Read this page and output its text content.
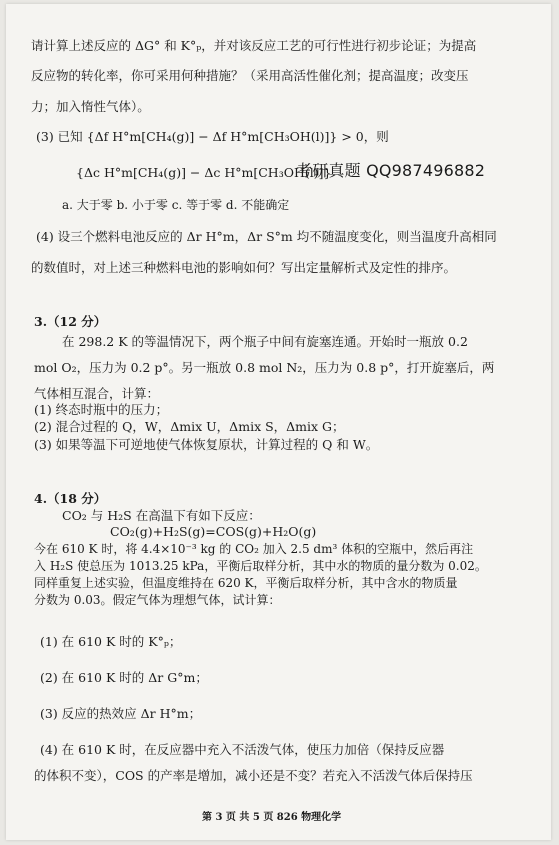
请计算上述反应的 ΔG° 和 K°ₚ，并对该反应工艺的可行性进行初步论证；为提高
反应物的转化率，你可采用何种措施？（采用高活性催化剂；提高温度；改变压
力；加入惰性气体）。
(3) 已知 {Δf H°m[CH₄(g)] − Δf H°m[CH₃OH(l)]} > 0，则
{Δc H°m[CH₄(g)] − Δc H°m[CH₃OH(l)]}
考研真题 QQ987496882
a. 大于零 b. 小于零 c. 等于零 d. 不能确定
(4) 设三个燃料电池反应的 Δr H°m，Δr S°m 均不随温度变化，则当温度升高相同
的数值时，对上述三种燃料电池的影响如何？写出定量解析式及定性的排序。
3.（12 分）
在 298.2 K 的等温情况下，两个瓶子中间有旋塞连通。开始时一瓶放 0.2
mol O₂，压力为 0.2 p°。另一瓶放 0.8 mol N₂，压力为 0.8 p°，打开旋塞后，两
气体相互混合，计算：
(1) 终态时瓶中的压力；
(2) 混合过程的 Q，W，Δmix U，Δmix S，Δmix G；
(3) 如果等温下可逆地使气体恢复原状，计算过程的 Q 和 W。
4.（18 分）
CO₂ 与 H₂S 在高温下有如下反应：
CO₂(g)+H₂S(g)=COS(g)+H₂O(g)
今在 610 K 时，将 4.4×10⁻³ kg 的 CO₂ 加入 2.5 dm³ 体积的空瓶中，然后再注
入 H₂S 使总压为 1013.25 kPa，平衡后取样分析，其中水的物质的量分数为 0.02。
同样重复上述实验，但温度维持在 620 K，平衡后取样分析，其中含水的物质量
分数为 0.03。假定气体为理想气体，试计算：
(1) 在 610 K 时的 K°ₚ；
(2) 在 610 K 时的 Δr G°m；
(3) 反应的热效应 Δr H°m；
(4) 在 610 K 时，在反应器中充入不活泼气体，使压力加倍（保持反应器
的体积不变），COS 的产率是增加，减小还是不变？若充入不活泼气体后保持压
第 3 页 共 5 页 826 物理化学
